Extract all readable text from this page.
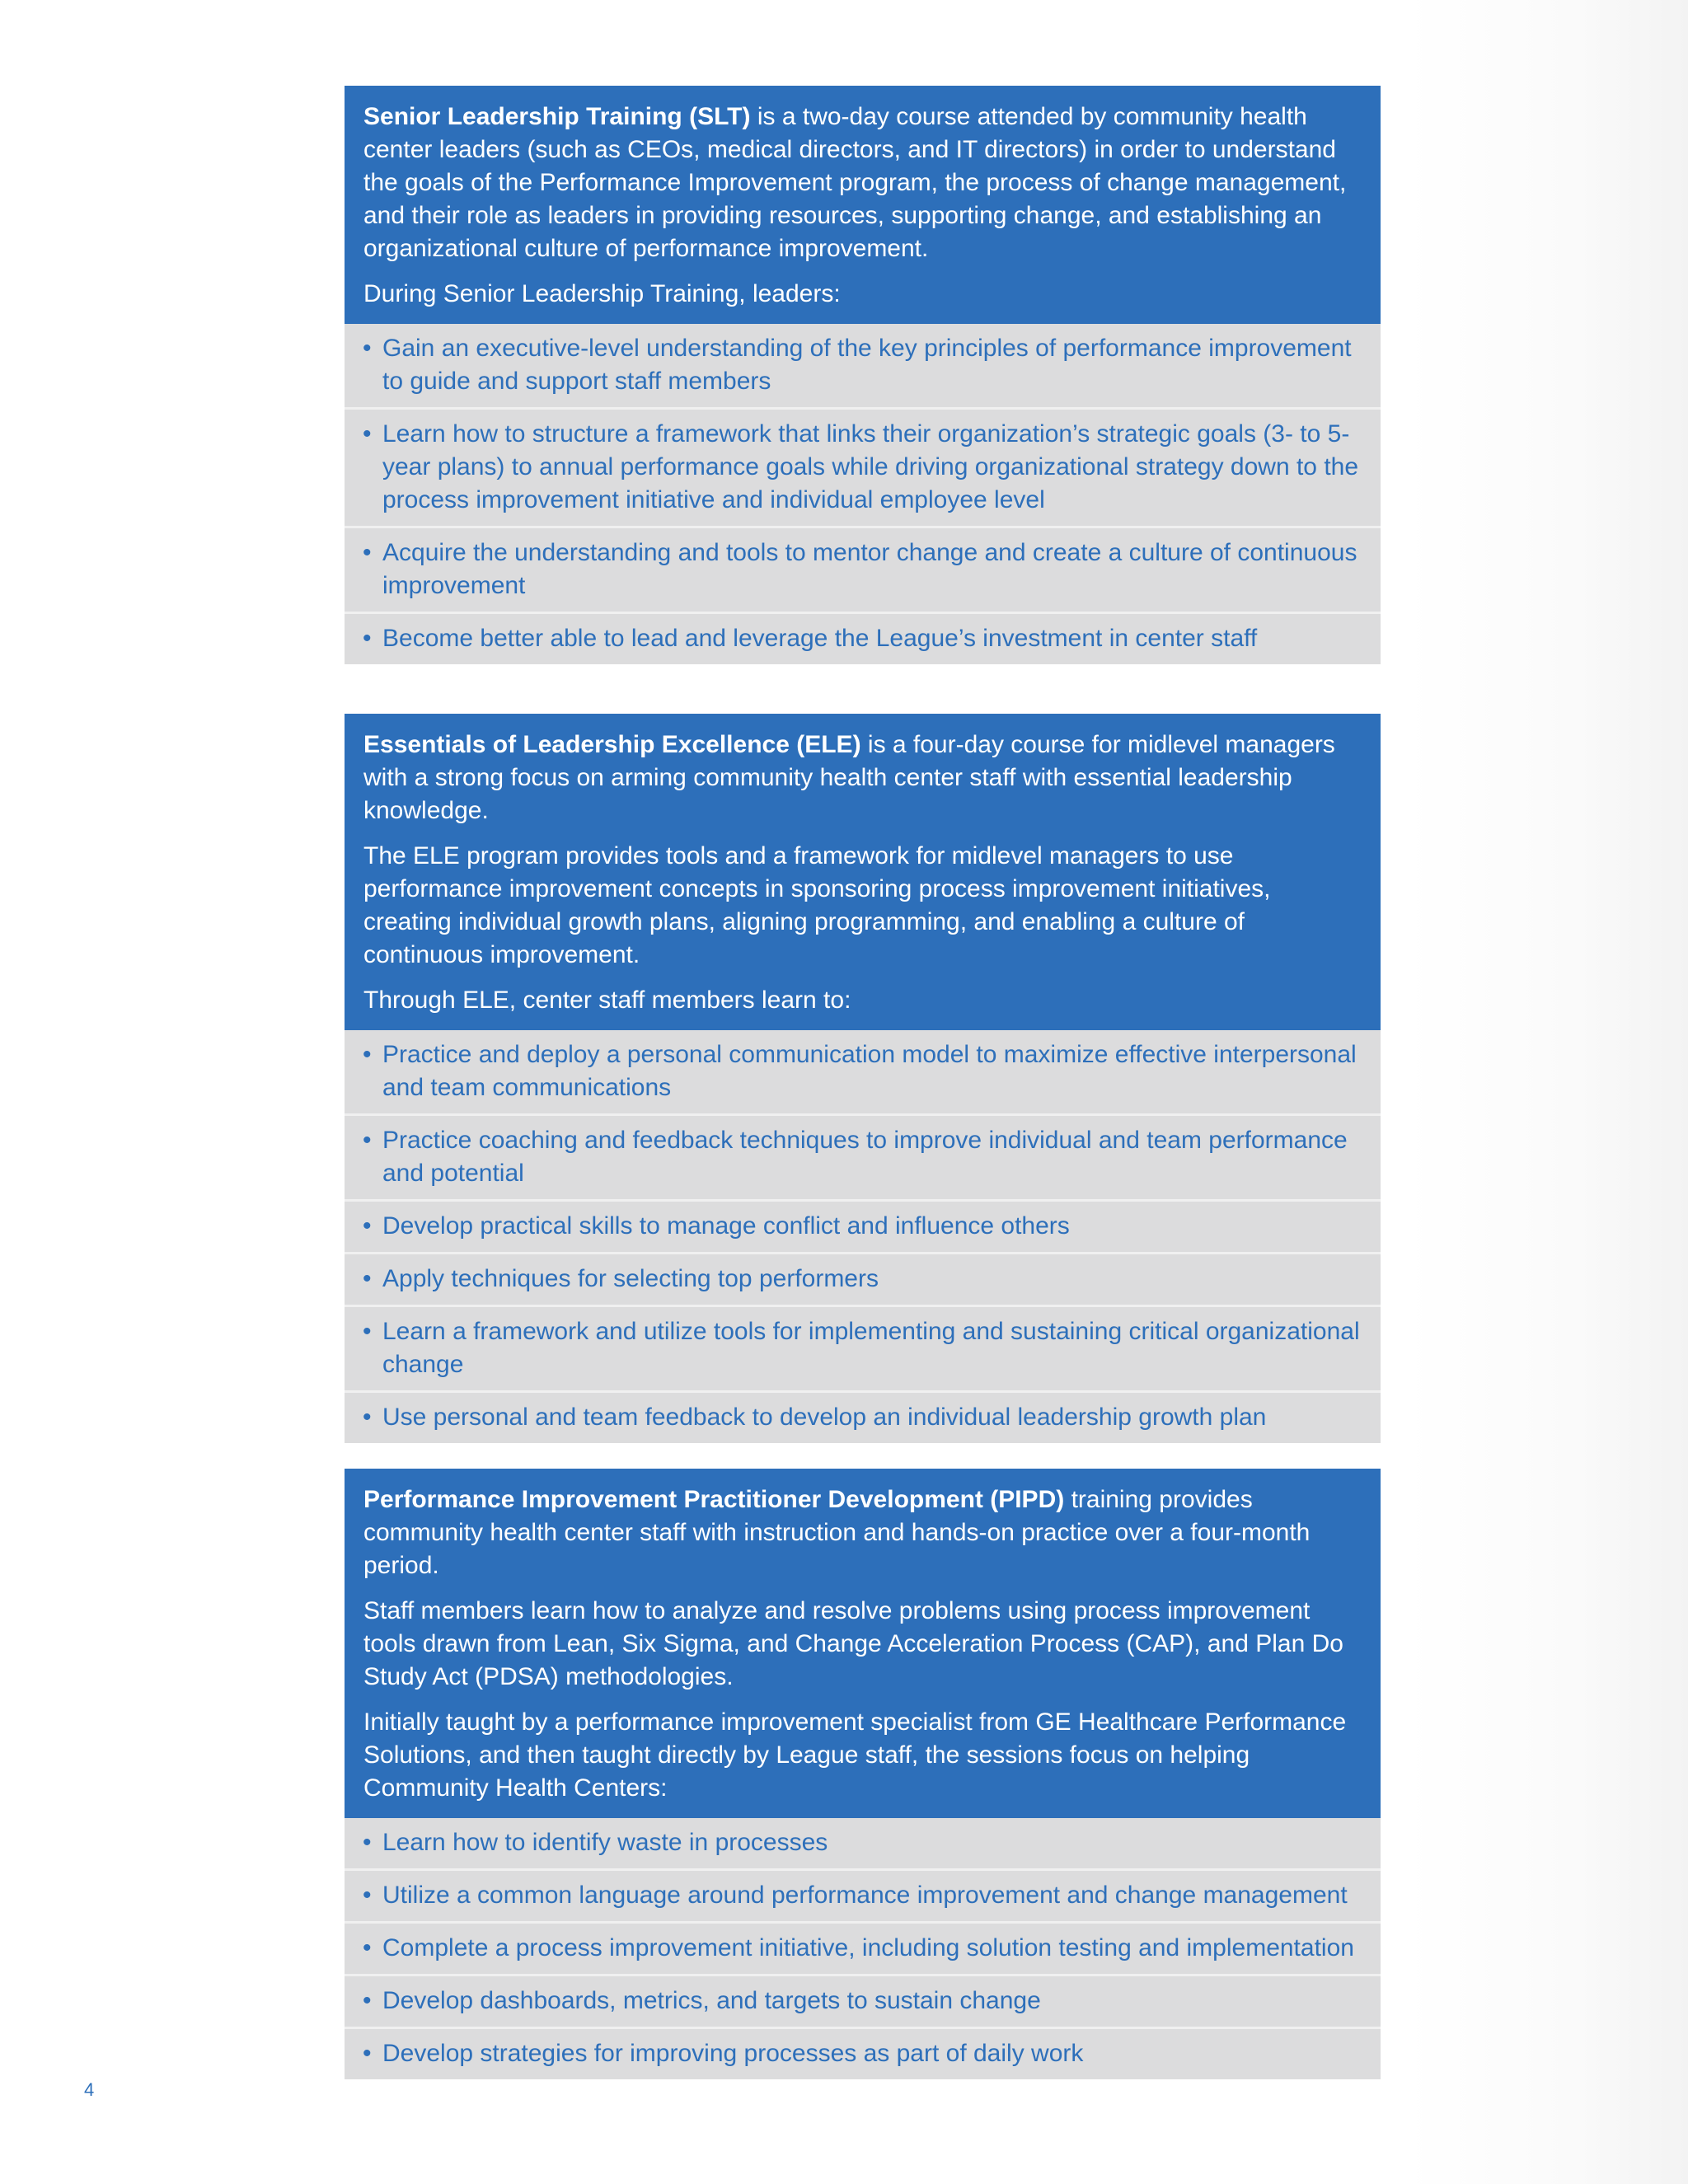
Senior Leadership Training (SLT) is a two-day course attended by community health center leaders (such as CEOs, medical directors, and IT directors) in order to understand the goals of the Performance Improvement program, the process of change management, and their role as leaders in providing resources, supporting change, and establishing an organizational culture of performance improvement.

During Senior Leadership Training, leaders:

• Gain an executive-level understanding of the key principles of performance improvement to guide and support staff members
• Learn how to structure a framework that links their organization’s strategic goals (3- to 5-year plans) to annual performance goals while driving organizational strategy down to the process improvement initiative and individual employee level
• Acquire the understanding and tools to mentor change and create a culture of continuous improvement
• Become better able to lead and leverage the League’s investment in center staff

Essentials of Leadership Excellence (ELE) is a four-day course for midlevel managers with a strong focus on arming community health center staff with essential leadership knowledge.

The ELE program provides tools and a framework for midlevel managers to use performance improvement concepts in sponsoring process improvement initiatives, creating individual growth plans, aligning programming, and enabling a culture of continuous improvement.

Through ELE, center staff members learn to:

• Practice and deploy a personal communication model to maximize effective interpersonal and team communications
• Practice coaching and feedback techniques to improve individual and team performance and potential
• Develop practical skills to manage conflict and influence others
• Apply techniques for selecting top performers
• Learn a framework and utilize tools for implementing and sustaining critical organizational change
• Use personal and team feedback to develop an individual leadership growth plan

Performance Improvement Practitioner Development (PIPD) training provides community health center staff with instruction and hands-on practice over a four-month period.

Staff members learn how to analyze and resolve problems using process improvement tools drawn from Lean, Six Sigma, and Change Acceleration Process (CAP), and Plan Do Study Act (PDSA) methodologies.

Initially taught by a performance improvement specialist from GE Healthcare Performance Solutions, and then taught directly by League staff, the sessions focus on helping Community Health Centers:

• Learn how to identify waste in processes
• Utilize a common language around performance improvement and change management
• Complete a process improvement initiative, including solution testing and implementation
• Develop dashboards, metrics, and targets to sustain change
• Develop strategies for improving processes as part of daily work
4
